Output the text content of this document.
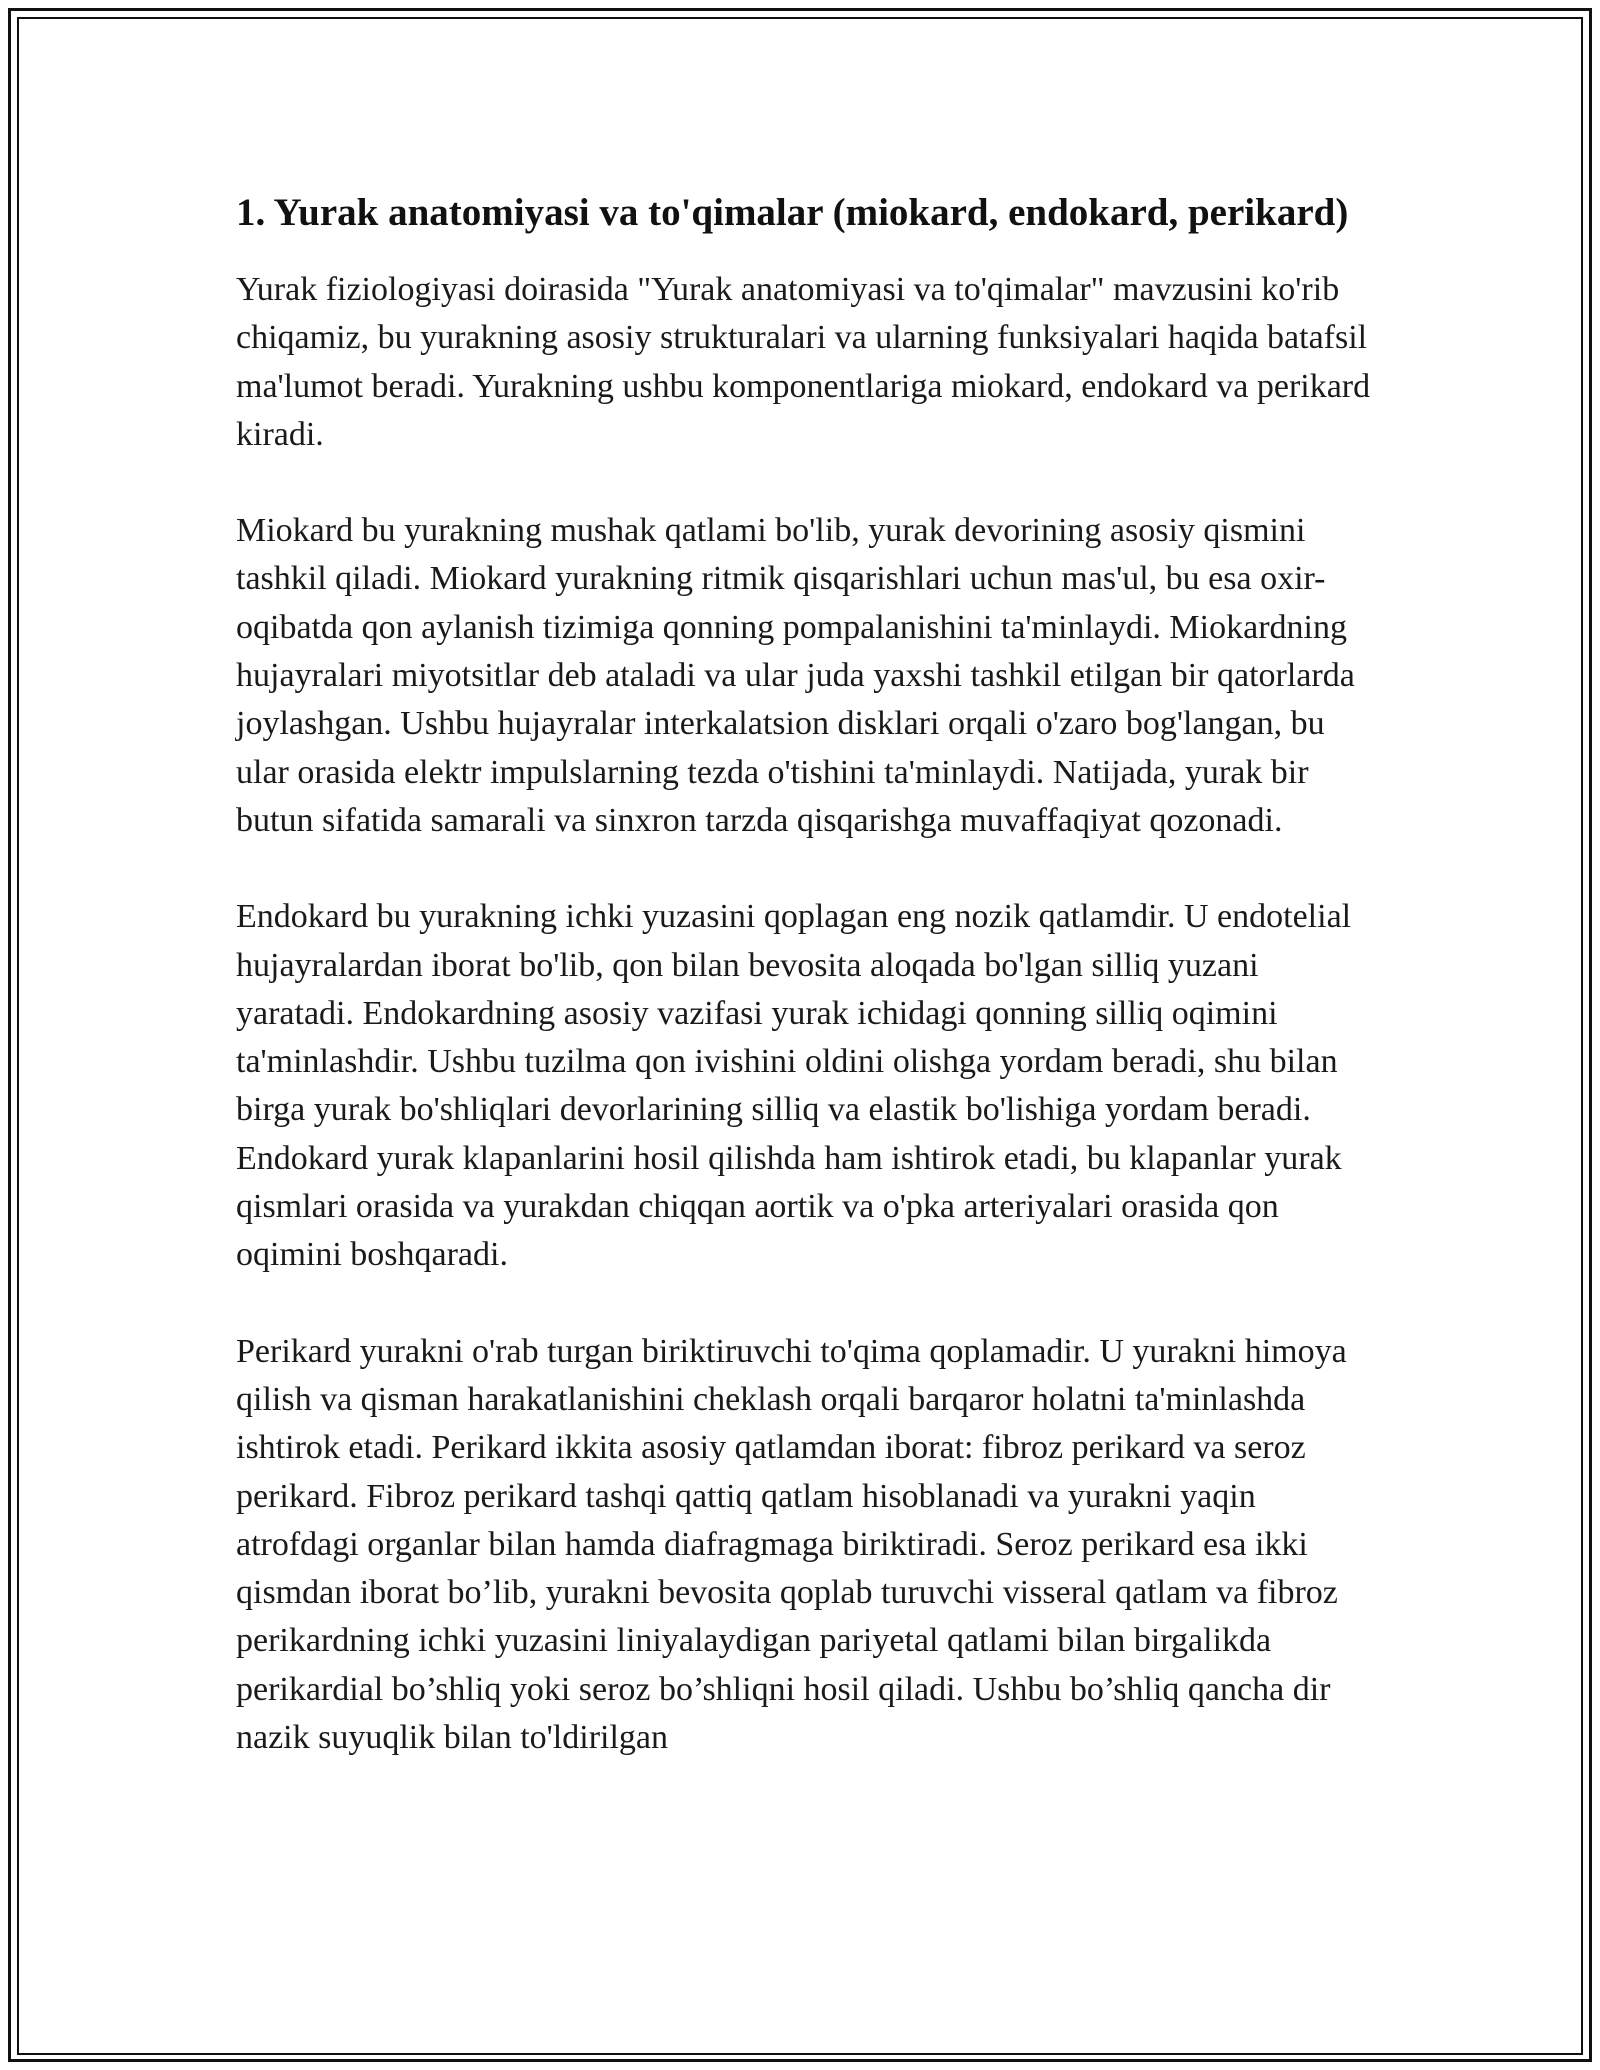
1. Yurak anatomiyasi va to'qimalar (miokard, endokard, perikard)

Yurak fiziologiyasi doirasida "Yurak anatomiyasi va to'qimalar" mavzusini ko'rib chiqamiz, bu yurakning asosiy strukturalari va ularning funksiyalari haqida batafsil ma'lumot beradi. Yurakning ushbu komponentlariga miokard, endokard va perikard kiradi.

Miokard bu yurakning mushak qatlami bo'lib, yurak devorining asosiy qismini tashkil qiladi. Miokard yurakning ritmik qisqarishlari uchun mas'ul, bu esa oxir-oqibatda qon aylanish tizimiga qonning pompalanishini ta'minlaydi. Miokardning hujayralari miyotsitlar deb ataladi va ular juda yaxshi tashkil etilgan bir qatorlarda joylashgan. Ushbu hujayralar interkalatsion disklari orqali o'zaro bog'langan, bu ular orasida elektr impulslarning tezda o'tishini ta'minlaydi. Natijada, yurak bir butun sifatida samarali va sinxron tarzda qisqarishga muvaffaqiyat qozonadi.

Endokard bu yurakning ichki yuzasini qoplagan eng nozik qatlamdir. U endotelial hujayralardan iborat bo'lib, qon bilan bevosita aloqada bo'lgan silliq yuzani yaratadi. Endokardning asosiy vazifasi yurak ichidagi qonning silliq oqimini ta'minlashdir. Ushbu tuzilma qon ivishini oldini olishga yordam beradi, shu bilan birga yurak bo'shliqlari devorlarining silliq va elastik bo'lishiga yordam beradi. Endokard yurak klapanlarini hosil qilishda ham ishtirok etadi, bu klapanlar yurak qismlari orasida va yurakdan chiqqan aortik va o'pka arteriyalari orasida qon oqimini boshqaradi.

Perikard yurakni o'rab turgan biriktiruvchi to'qima qoplamadir. U yurakni himoya qilish va qisman harakatlanishini cheklash orqali barqaror holatni ta'minlashda ishtirok etadi. Perikard ikkita asosiy qatlamdan iborat: fibroz perikard va seroz perikard. Fibroz perikard tashqi qattiq qatlam hisoblanadi va yurakni yaqin atrofdagi organlar bilan hamda diafragmaga biriktiradi. Seroz perikard esa ikki qismdan iborat bo’lib, yurakni bevosita qoplab turuvchi visseral qatlam va fibroz perikardning ichki yuzasini liniyalaydigan pariyetal qatlami bilan birgalikda perikardial bo’shliq yoki seroz bo’shliqni hosil qiladi. Ushbu bo’shliq qancha dir nazik suyuqlik bilan to'ldirilgan
